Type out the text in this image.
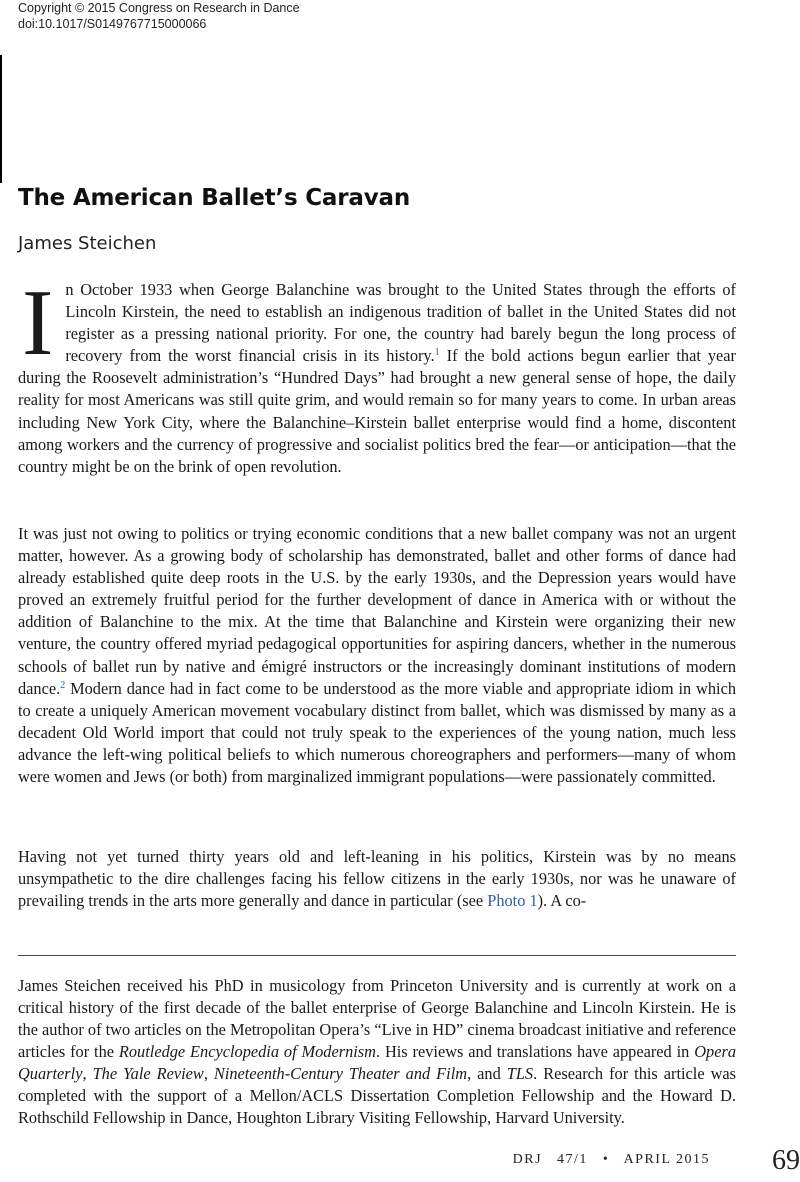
Copyright © 2015 Congress on Research in Dance
doi:10.1017/S0149767715000066
The American Ballet’s Caravan
James Steichen

In October 1933 when George Balanchine was brought to the United States through the efforts of Lincoln Kirstein, the need to establish an indigenous tradition of ballet in the United States did not register as a pressing national priority. For one, the country had barely begun the long process of recovery from the worst financial crisis in its history.$^1$ If the bold actions begun earlier that year during the Roosevelt administration’s “Hundred Days” had brought a new general sense of hope, the daily reality for most Americans was still quite grim, and would remain so for many years to come. In urban areas including New York City, where the Balanchine–Kirstein ballet enterprise would find a home, discontent among workers and the currency of progressive and socialist politics bred the fear—or anticipation—that the country might be on the brink of open revolution.

It was just not owing to politics or trying economic conditions that a new ballet company was not an urgent matter, however. As a growing body of scholarship has demonstrated, ballet and other forms of dance had already established quite deep roots in the U.S. by the early 1930s, and the Depression years would have proved an extremely fruitful period for the further development of dance in America with or without the addition of Balanchine to the mix. At the time that Balanchine and Kirstein were organizing their new venture, the country offered myriad pedagogical opportunities for aspiring dancers, whether in the numerous schools of ballet run by native and émigré instructors or the increasingly dominant institutions of modern dance.$^2$ Modern dance had in fact come to be understood as the more viable and appropriate idiom in which to create a uniquely American movement vocabulary distinct from ballet, which was dismissed by many as a decadent Old World import that could not truly speak to the experiences of the young nation, much less advance the left-wing political beliefs to which numerous choreographers and performers—many of whom were women and Jews (or both) from marginalized immigrant populations—were passionately committed.

Having not yet turned thirty years old and left-leaning in his politics, Kirstein was by no means unsympathetic to the dire challenges facing his fellow citizens in the early 1930s, nor was he unaware of prevailing trends in the arts more generally and dance in particular (see Photo 1). A co-

James Steichen received his PhD in musicology from Princeton University and is currently at work on a critical history of the first decade of the ballet enterprise of George Balanchine and Lincoln Kirstein. He is the author of two articles on the Metropolitan Opera’s “Live in HD” cinema broadcast initiative and reference articles for the Routledge Encyclopedia of Modernism. His reviews and translations have appeared in Opera Quarterly, The Yale Review, Nineteenth-Century Theater and Film, and TLS. Research for this article was completed with the support of a Mellon/ACLS Dissertation Completion Fellowship and the Howard D. Rothschild Fellowship in Dance, Houghton Library Visiting Fellowship, Harvard University.

DRJ 47/1 • APRIL 2015 69
